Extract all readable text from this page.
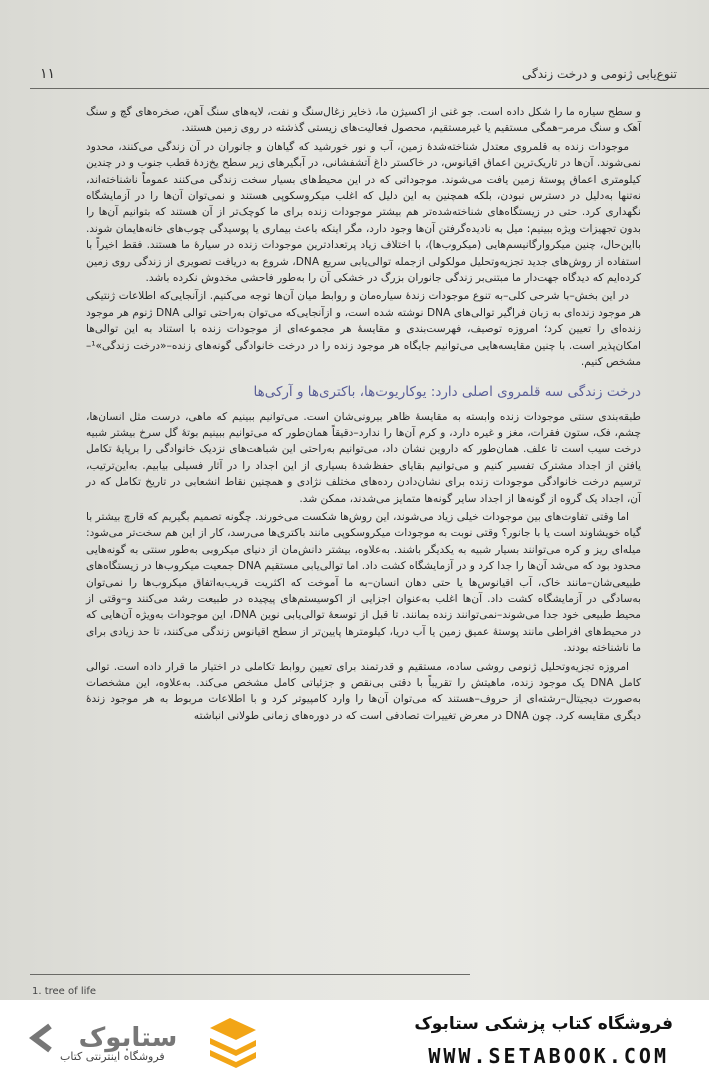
۱۱	تنوع‌یابی ژنومی و درخت زندگی

و سطح سیاره ما را شکل داده است. جو غنی از اکسیژن ما، ذخایر زغال‌سنگ و نفت، لایه‌های سنگ آهن، صخره‌های گچ و سنگ آهک و سنگ مرمر–همگی مستقیم یا غیرمستقیم، محصول فعالیت‌های زیستی گذشته در روی زمین هستند.

موجودات زنده به قلمروی معتدل شناخته‌شدهٔ زمین، آب و نور خورشید که گیاهان و جانوران در آن زندگی می‌کنند، محدود نمی‌شوند. آن‌ها در تاریک‌ترین اعماق اقیانوس، در خاکستر داغ آتشفشانی، در آبگیرهای زیر سطح یخ‌زدهٔ قطب جنوب و در چندین کیلومتری اعماق پوستهٔ زمین یافت می‌شوند. موجوداتی که در این محیط‌های بسیار سخت زندگی می‌کنند عموماً ناشناخته‌اند، نه‌تنها به‌دلیل در دسترس نبودن، بلکه همچنین به این دلیل که اغلب میکروسکوپی هستند و نمی‌توان آن‌ها را در آزمایشگاه نگهداری کرد. حتی در زیستگاه‌های شناخته‌شده‌تر هم بیشتر موجودات زنده برای ما کوچک‌تر از آن هستند که بتوانیم آن‌ها را بدون تجهیزات ویژه ببینیم: میل به نادیده‌گرفتن آن‌ها وجود دارد، مگر اینکه باعث بیماری یا پوسیدگی چوب‌های خانه‌هایمان شوند. بااین‌حال، چنین میکروارگانیسم‌هایی (میکروب‌ها)، با اختلاف زیاد پرتعدادترین موجودات زنده در سیارهٔ ما هستند. فقط اخیراً با استفاده از روش‌های جدید تجزیه‌وتحلیل مولکولی ازجمله توالی‌یابی سریع DNA، شروع به دریافت تصویری از زندگی روی زمین کرده‌ایم که دیدگاه جهت‌دار ما مبتنی‌بر زندگی جانوران بزرگ در خشکی آن را به‌طور فاحشی مخدوش نکرده باشد.

در این بخش–با شرحی کلی–به تنوع موجودات زندهٔ سیاره‌مان و روابط میان آن‌ها توجه می‌کنیم. ازآنجایی‌که اطلاعات ژنتیکی هر موجود زنده‌ای به زبان فراگیر توالی‌های DNA نوشته شده است، و ازآنجایی‌که می‌توان به‌راحتی توالی DNA ژنوم هر موجود زنده‌ای را تعیین کرد؛ امروزه توصیف، فهرست‌بندی و مقایسهٔ هر مجموعه‌ای از موجودات زنده با استناد به این توالی‌ها امکان‌پذیر است. با چنین مقایسه‌هایی می‌توانیم جایگاه هر موجود زنده را در درخت خانوادگی گونه‌های زنده–«درخت زندگی»¹–مشخص کنیم.

درخت زندگی سه قلمروی اصلی دارد: یوکاریوت‌ها، باکتری‌ها و آرکی‌ها

طبقه‌بندی سنتی موجودات زنده وابسته به مقایسهٔ ظاهر بیرونی‌شان است. می‌توانیم ببینیم که ماهی، درست مثل انسان‌ها، چشم، فک، ستون فقرات، مغز و غیره دارد، و کرم آن‌ها را ندارد–دقیقاً همان‌طور که می‌توانیم ببینیم بوتهٔ گل سرخ بیشتر شبیه درخت سیب است تا علف. همان‌طور که داروین نشان داد، می‌توانیم به‌راحتی این شباهت‌های نزدیک خانوادگی را برپایهٔ تکامل یافتن از اجداد مشترک تفسیر کنیم و می‌توانیم بقایای حفظ‌شدهٔ بسیاری از این اجداد را در آثار فسیلی بیابیم. به‌این‌ترتیب، ترسیم درخت خانوادگی موجودات زنده برای نشان‌دادن رده‌های مختلف نژادی و همچنین نقاط انشعابی در تاریخ تکامل که در آن، اجداد یک گروه از گونه‌ها از اجداد سایر گونه‌ها متمایز می‌شدند، ممکن شد.

اما وقتی تفاوت‌های بین موجودات خیلی زیاد می‌شوند، این روش‌ها شکست می‌خورند. چگونه تصمیم بگیریم که قارچ بیشتر با گیاه خویشاوند است یا با جانور؟ وقتی نوبت به موجودات میکروسکوپی مانند باکتری‌ها می‌رسد، کار از این هم سخت‌تر می‌شود: میله‌ای ریز و کره می‌توانند بسیار شبیه به یکدیگر باشند. به‌علاوه، بیشتر دانش‌مان از دنیای میکروبی به‌طور سنتی به گونه‌هایی محدود بود که می‌شد آن‌ها را جدا کرد و در آزمایشگاه کشت داد. اما توالی‌یابی مستقیم DNA جمعیت میکروب‌ها در زیستگاه‌های طبیعی‌شان–مانند خاک، آب اقیانوس‌ها یا حتی دهان انسان–به ما آموخت که اکثریت قریب‌به‌اتفاق میکروب‌ها را نمی‌توان به‌سادگی در آزمایشگاه کشت داد. آن‌ها اغلب به‌عنوان اجزایی از اکوسیستم‌های پیچیده در طبیعت رشد می‌کنند و–وقتی از محیط طبیعی خود جدا می‌شوند–نمی‌توانند زنده بمانند. تا قبل از توسعهٔ توالی‌یابی نوین DNA، این موجودات به‌ویژه آن‌هایی که در محیط‌های افراطی مانند پوستهٔ عمیق زمین یا آب دریا، کیلومترها پایین‌تر از سطح اقیانوس زندگی می‌کنند، تا حد زیادی برای ما ناشناخته بودند.

امروزه تجزیه‌وتحلیل ژنومی روشی ساده، مستقیم و قدرتمند برای تعیین روابط تکاملی در اختیار ما قرار داده است. توالی کامل DNA یک موجود زنده، ماهیتش را تقریباً با دقتی بی‌نقص و جزئیاتی کامل مشخص می‌کند. به‌علاوه، این مشخصات به‌صورت دیجیتال–رشته‌ای از حروف–هستند که می‌توان آن‌ها را وارد کامپیوتر کرد و با اطلاعات مربوط به هر موجود زندهٔ دیگری مقایسه کرد. چون DNA در معرض تغییرات تصادفی است که در دوره‌های زمانی طولانی انباشته

1. tree of life
ستابوک
فروشگاه اینترنتی کتاب
فروشگاه کتاب پزشکی ستابوک
WWW.SETABOOK.COM
